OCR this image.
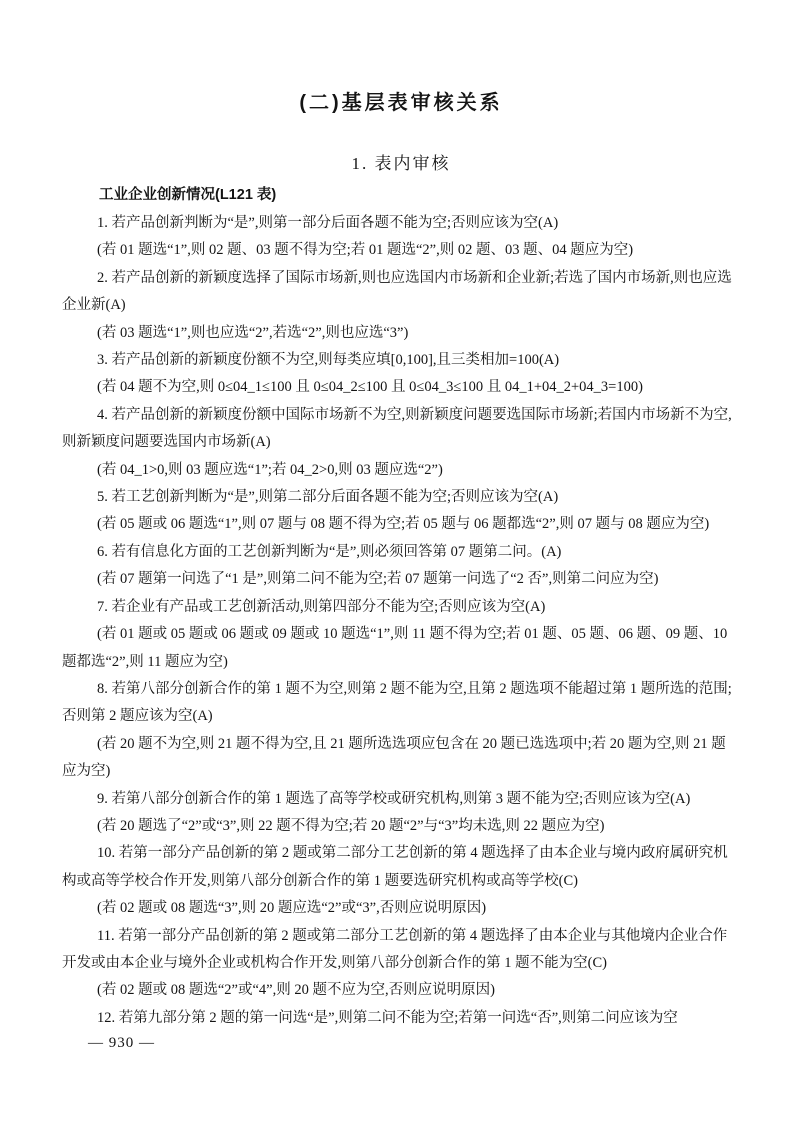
(二)基层表审核关系
1. 表内审核

工业企业创新情况(L121 表)

1. 若产品创新判断为“是”,则第一部分后面各题不能为空;否则应该为空(A)

(若 01 题选“1”,则 02 题、03 题不得为空;若 01 题选“2”,则 02 题、03 题、04 题应为空)

2. 若产品创新的新颖度选择了国际市场新,则也应选国内市场新和企业新;若选了国内市场新,则也应选企业新(A)

(若 03 题选“1”,则也应选“2”,若选“2”,则也应选“3”)

3. 若产品创新的新颖度份额不为空,则每类应填[0,100],且三类相加=100(A)

(若 04 题不为空,则 0≤04_1≤100 且 0≤04_2≤100 且 0≤04_3≤100 且 04_1+04_2+04_3=100)

4. 若产品创新的新颖度份额中国际市场新不为空,则新颖度问题要选国际市场新;若国内市场新不为空,则新颖度问题要选国内市场新(A)

(若 04_1>0,则 03 题应选“1”;若 04_2>0,则 03 题应选“2”)

5. 若工艺创新判断为“是”,则第二部分后面各题不能为空;否则应该为空(A)

(若 05 题或 06 题选“1”,则 07 题与 08 题不得为空;若 05 题与 06 题都选“2”,则 07 题与 08 题应为空)

6. 若有信息化方面的工艺创新判断为“是”,则必须回答第 07 题第二问。(A)

(若 07 题第一问选了“1 是”,则第二问不能为空;若 07 题第一问选了“2 否”,则第二问应为空)

7. 若企业有产品或工艺创新活动,则第四部分不能为空;否则应该为空(A)

(若 01 题或 05 题或 06 题或 09 题或 10 题选“1”,则 11 题不得为空;若 01 题、05 题、06 题、09 题、10 题都选“2”,则 11 题应为空)

8. 若第八部分创新合作的第 1 题不为空,则第 2 题不能为空,且第 2 题选项不能超过第 1 题所选的范围;否则第 2 题应该为空(A)

(若 20 题不为空,则 21 题不得为空,且 21 题所选选项应包含在 20 题已选选项中;若 20 题为空,则 21 题应为空)

9. 若第八部分创新合作的第 1 题选了高等学校或研究机构,则第 3 题不能为空;否则应该为空(A)

(若 20 题选了“2”或“3”,则 22 题不得为空;若 20 题“2”与“3”均未选,则 22 题应为空)

10. 若第一部分产品创新的第 2 题或第二部分工艺创新的第 4 题选择了由本企业与境内政府属研究机构或高等学校合作开发,则第八部分创新合作的第 1 题要选研究机构或高等学校(C)

(若 02 题或 08 题选“3”,则 20 题应选“2”或“3”,否则应说明原因)

11. 若第一部分产品创新的第 2 题或第二部分工艺创新的第 4 题选择了由本企业与其他境内企业合作开发或由本企业与境外企业或机构合作开发,则第八部分创新合作的第 1 题不能为空(C)

(若 02 题或 08 题选“2”或“4”,则 20 题不应为空,否则应说明原因)

12. 若第九部分第 2 题的第一问选“是”,则第二问不能为空;若第一问选“否”,则第二问应该为空

— 930 —
